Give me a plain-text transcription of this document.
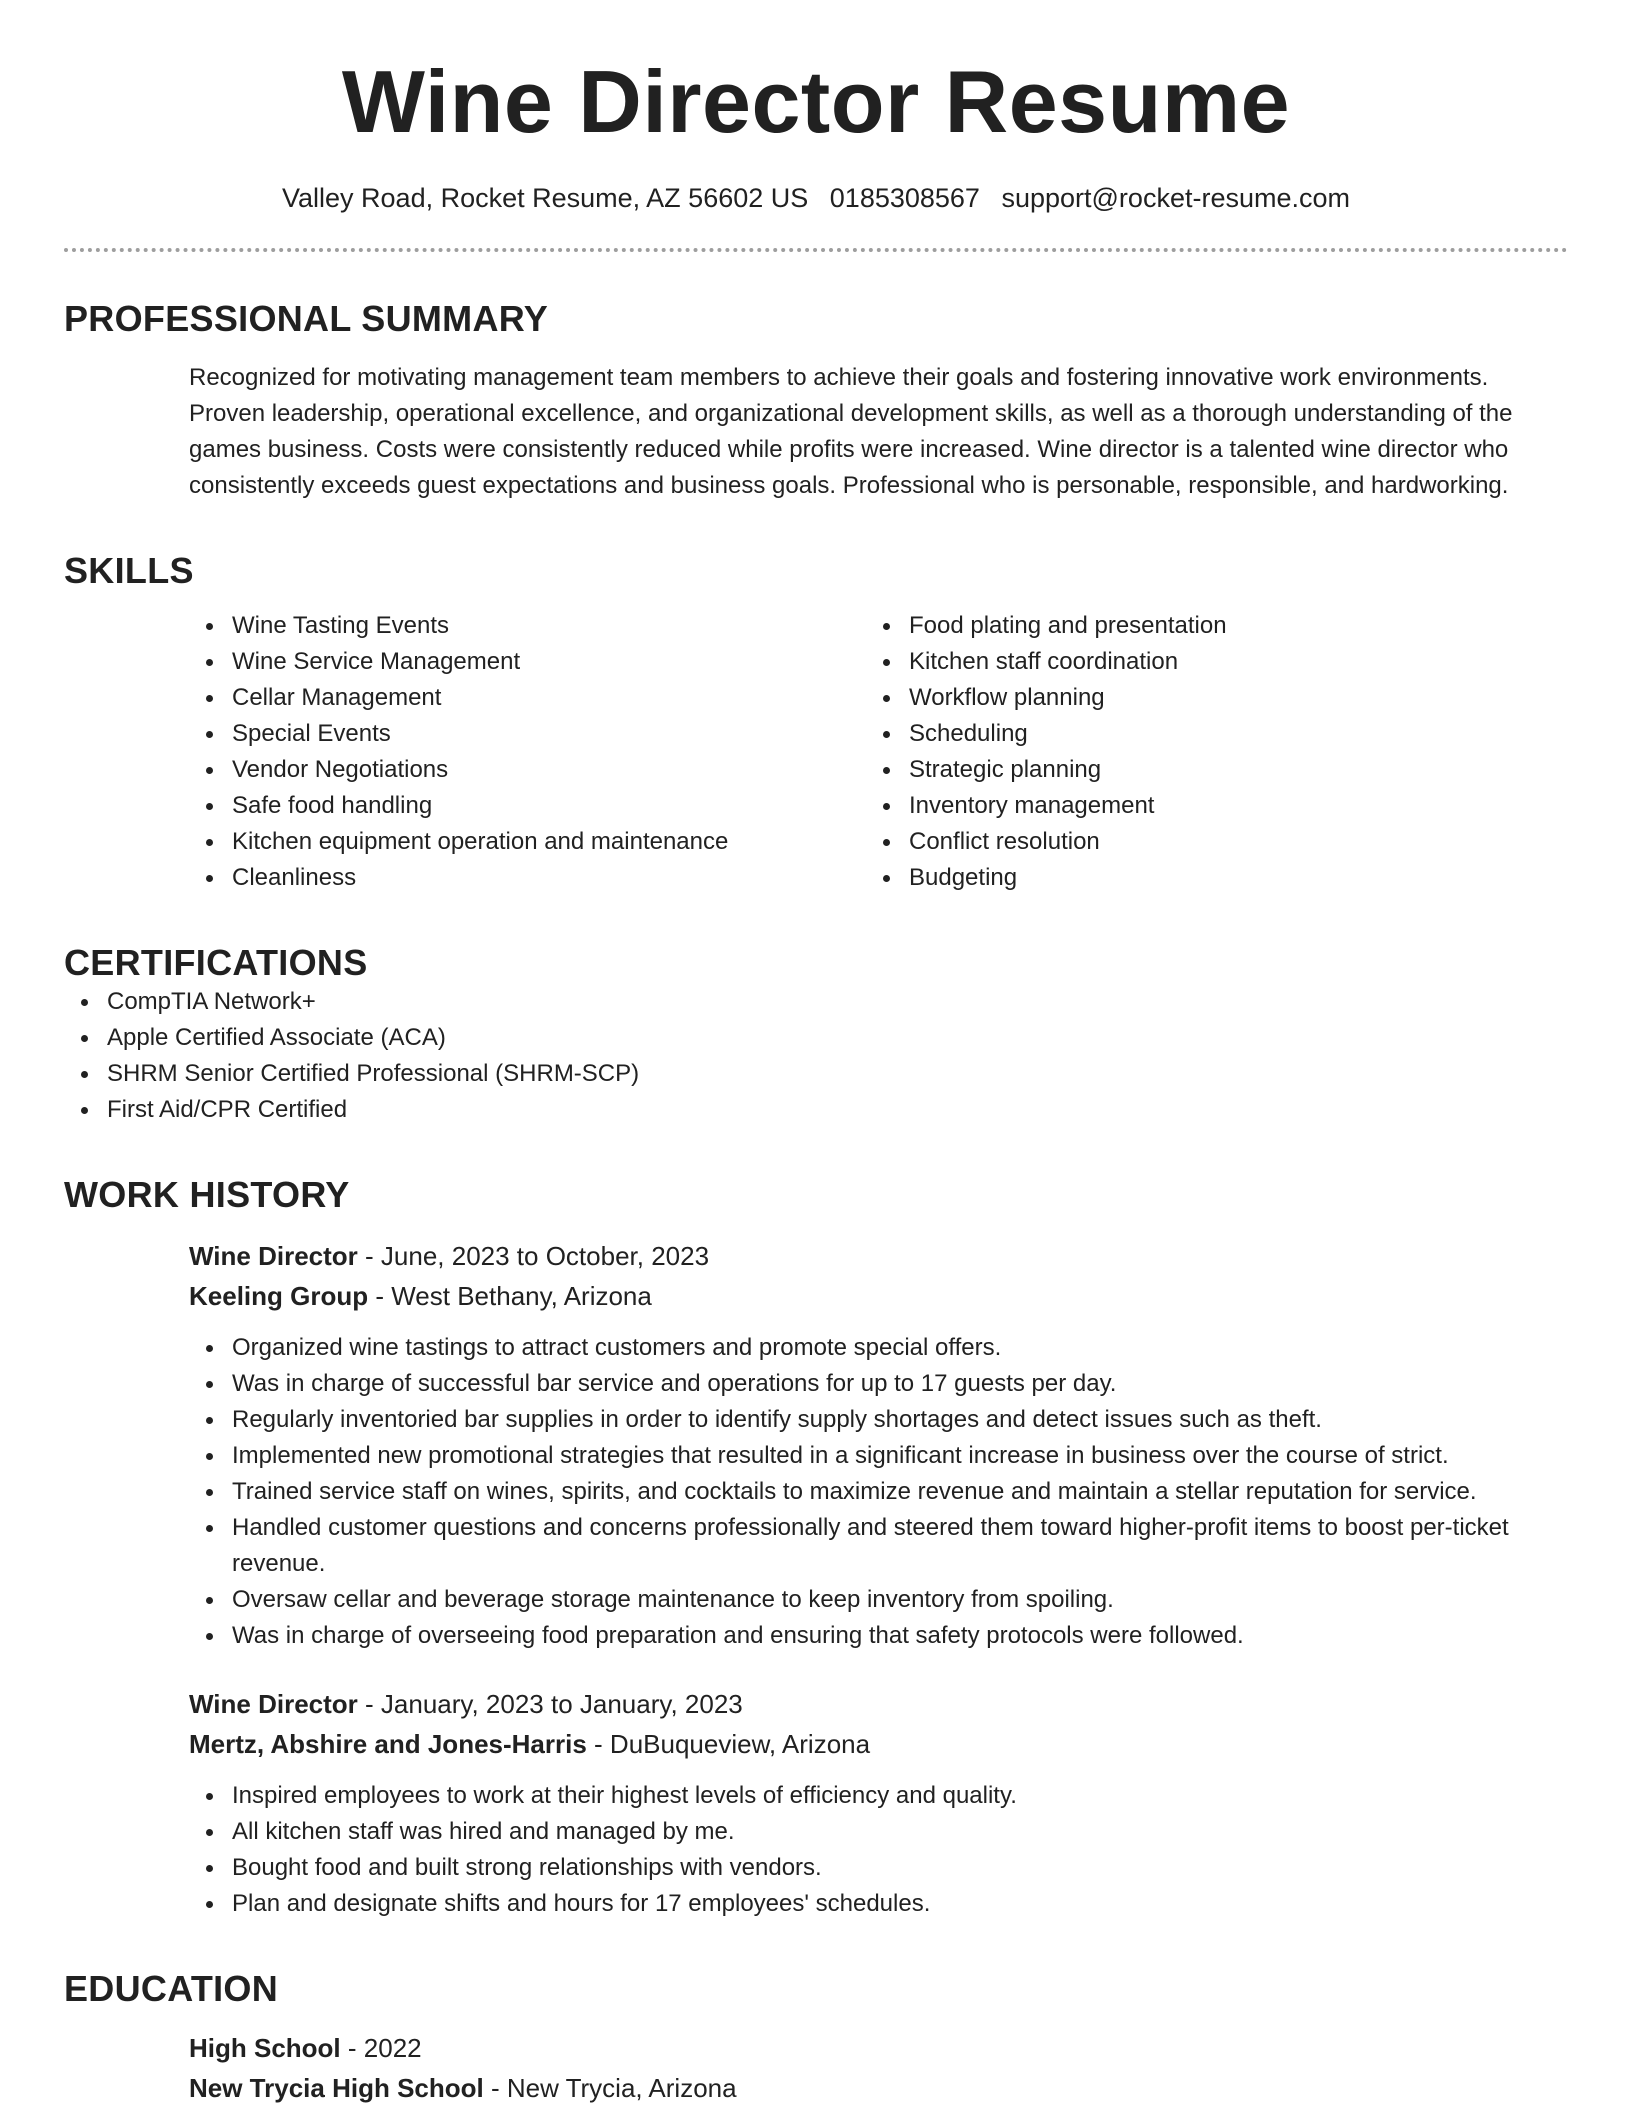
Wine Director Resume
Valley Road, Rocket Resume, AZ 56602 US 0185308567 support@rocket-resume.com
PROFESSIONAL SUMMARY
Recognized for motivating management team members to achieve their goals and fostering innovative work environments. Proven leadership, operational excellence, and organizational development skills, as well as a thorough understanding of the games business. Costs were consistently reduced while profits were increased. Wine director is a talented wine director who consistently exceeds guest expectations and business goals. Professional who is personable, responsible, and hardworking.
SKILLS
Wine Tasting Events
Wine Service Management
Cellar Management
Special Events
Vendor Negotiations
Safe food handling
Kitchen equipment operation and maintenance
Cleanliness
Food plating and presentation
Kitchen staff coordination
Workflow planning
Scheduling
Strategic planning
Inventory management
Conflict resolution
Budgeting
CERTIFICATIONS
CompTIA Network+
Apple Certified Associate (ACA)
SHRM Senior Certified Professional (SHRM-SCP)
First Aid/CPR Certified
WORK HISTORY
Wine Director - June, 2023 to October, 2023
Keeling Group - West Bethany, Arizona
Organized wine tastings to attract customers and promote special offers.
Was in charge of successful bar service and operations for up to 17 guests per day.
Regularly inventoried bar supplies in order to identify supply shortages and detect issues such as theft.
Implemented new promotional strategies that resulted in a significant increase in business over the course of strict.
Trained service staff on wines, spirits, and cocktails to maximize revenue and maintain a stellar reputation for service.
Handled customer questions and concerns professionally and steered them toward higher-profit items to boost per-ticket revenue.
Oversaw cellar and beverage storage maintenance to keep inventory from spoiling.
Was in charge of overseeing food preparation and ensuring that safety protocols were followed.
Wine Director - January, 2023 to January, 2023
Mertz, Abshire and Jones-Harris - DuBuqueview, Arizona
Inspired employees to work at their highest levels of efficiency and quality.
All kitchen staff was hired and managed by me.
Bought food and built strong relationships with vendors.
Plan and designate shifts and hours for 17 employees' schedules.
EDUCATION
High School - 2022
New Trycia High School - New Trycia, Arizona
